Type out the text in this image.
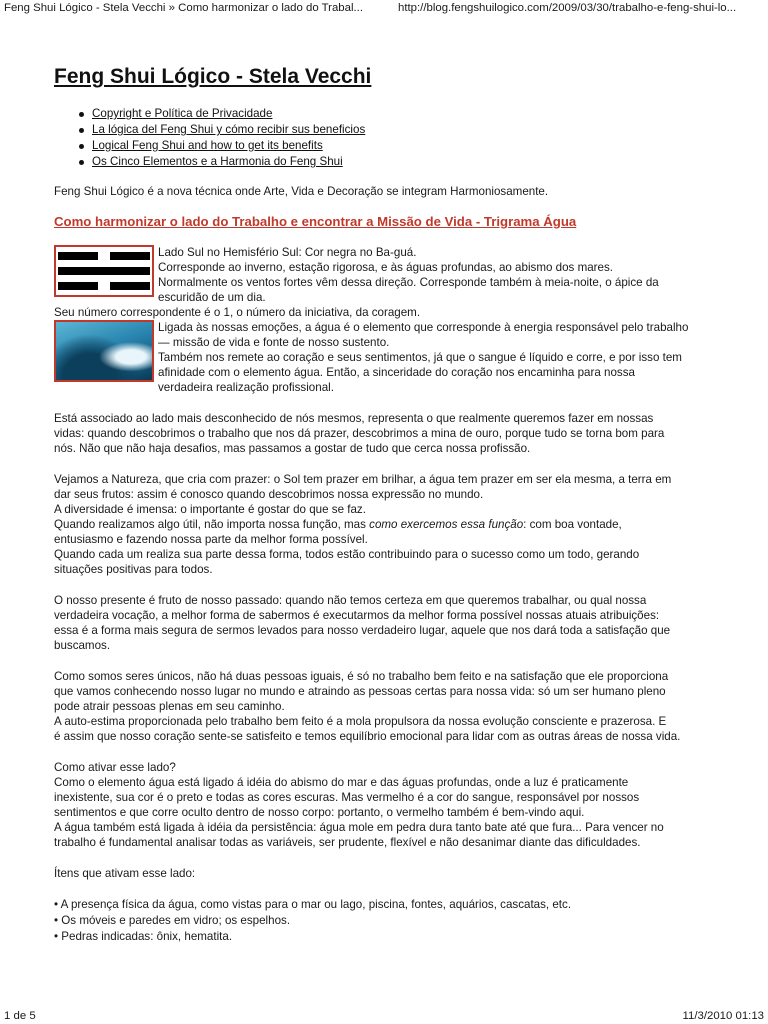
Feng Shui Lógico - Stela Vecchi » Como harmonizar o lado do Trabal...	http://blog.fengshuilogico.com/2009/03/30/trabalho-e-feng-shui-lo...
Feng Shui Lógico - Stela Vecchi
Copyright e Política de Privacidade
La lógica del Feng Shui y cómo recibir sus beneficios
Logical Feng Shui and how to get its benefits
Os Cinco Elementos e a Harmonia do Feng Shui

Feng Shui Lógico é a nova técnica onde Arte, Vida e Decoração se integram Harmoniosamente.

Como harmonizar o lado do Trabalho e encontrar a Missão de Vida - Trigrama Água

Lado Sul no Hemisfério Sul: Cor negra no Ba-guá.

Corresponde ao inverno, estação rigorosa, e às águas profundas, ao abismo dos mares.

Normalmente os ventos fortes vêm dessa direção. Corresponde também à meia-noite, o ápice da

escuridão de um dia.

Seu número correspondente é o 1, o número da iniciativa, da coragem.

Ligada às nossas emoções, a água é o elemento que corresponde à energia responsável pelo trabalho

— missão de vida e fonte de nosso sustento.

Também nos remete ao coração e seus sentimentos, já que o sangue é líquido e corre, e por isso tem

afinidade com o elemento água. Então, a sinceridade do coração nos encaminha para nossa

verdadeira realização profissional.

Está associado ao lado mais desconhecido de nós mesmos, representa o que realmente queremos fazer em nossas

vidas: quando descobrimos o trabalho que nos dá prazer, descobrimos a mina de ouro, porque tudo se torna bom para

nós. Não que não haja desafios, mas passamos a gostar de tudo que cerca nossa profissão.

Vejamos a Natureza, que cria com prazer: o Sol tem prazer em brilhar, a água tem prazer em ser ela mesma, a terra em

dar seus frutos: assim é conosco quando descobrimos nossa expressão no mundo.

A diversidade é imensa: o importante é gostar do que se faz.

Quando realizamos algo útil, não importa nossa função, mas como exercemos essa função: com boa vontade,

entusiasmo e fazendo nossa parte da melhor forma possível.

Quando cada um realiza sua parte dessa forma, todos estão contribuindo para o sucesso como um todo, gerando

situações positivas para todos.

O nosso presente é fruto de nosso passado: quando não temos certeza em que queremos trabalhar, ou qual nossa

verdadeira vocação, a melhor forma de sabermos é executarmos da melhor forma possível nossas atuais atribuições:

essa é a forma mais segura de sermos levados para nosso verdadeiro lugar, aquele que nos dará toda a satisfação que

buscamos.

Como somos seres únicos, não há duas pessoas iguais, é só no trabalho bem feito e na satisfação que ele proporciona

que vamos conhecendo nosso lugar no mundo e atraindo as pessoas certas para nossa vida: só um ser humano pleno

pode atrair pessoas plenas em seu caminho.

A auto-estima proporcionada pelo trabalho bem feito é a mola propulsora da nossa evolução consciente e prazerosa. E

é assim que nosso coração sente-se satisfeito e temos equilíbrio emocional para lidar com as outras áreas de nossa vida.

Como ativar esse lado?

Como o elemento água está ligado á idéia do abismo do mar e das águas profundas, onde a luz é praticamente

inexistente, sua cor é o preto e todas as cores escuras. Mas vermelho é a cor do sangue, responsável por nossos

sentimentos e que corre oculto dentro de nosso corpo: portanto, o vermelho também é bem-vindo aqui.

A água também está ligada à idéia da persistência: água mole em pedra dura tanto bate até que fura... Para vencer no

trabalho é fundamental analisar todas as variáveis, ser prudente, flexível e não desanimar diante das dificuldades.

Ítens que ativam esse lado:

• A presença física da água, como vistas para o mar ou lago, piscina, fontes, aquários, cascatas, etc.

• Os móveis e paredes em vidro; os espelhos.

• Pedras indicadas: ônix, hematita.

1 de 5	11/3/2010 01:13
